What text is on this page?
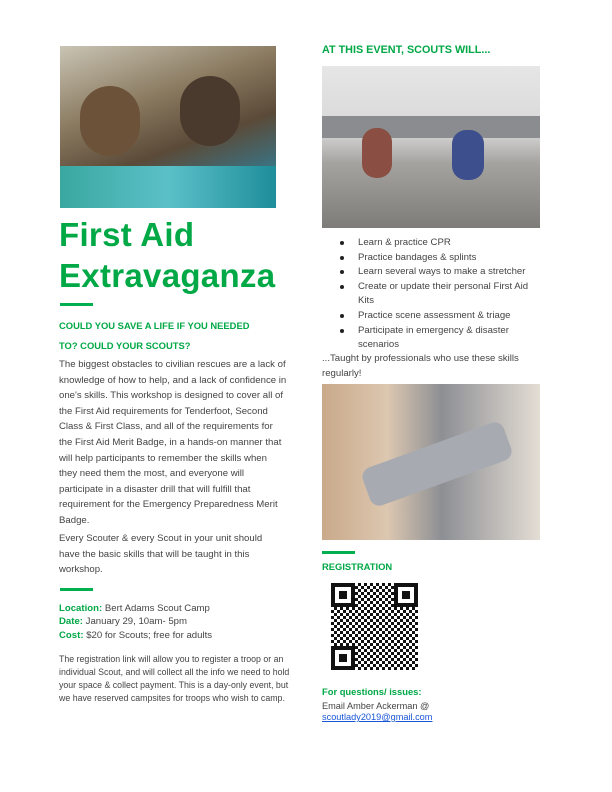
First Aid
Extravaganza
COULD YOU SAVE A LIFE IF YOU NEEDED
TO? COULD YOUR SCOUTS?
The biggest obstacles to civilian rescues are a lack of knowledge of how to help, and a lack of confidence in one's skills. This workshop is designed to cover all of the First Aid requirements for Tenderfoot, Second Class & First Class, and all of the requirements for the First Aid Merit Badge, in a hands-on manner that will help participants to remember the skills when they need them the most, and everyone will participate in a disaster drill that will fulfill that requirement for the Emergency Preparedness Merit Badge.
Every Scouter & every Scout in your unit should have the basic skills that will be taught in this workshop.
Location: Bert Adams Scout Camp
Date: January 29, 10am- 5pm
Cost: $20 for Scouts; free for adults
The registration link will allow you to register a troop or an individual Scout, and will collect all the info we need to hold your space & collect payment. This is a day-only event, but we have reserved campsites for troops who wish to camp.
AT THIS EVENT, SCOUTS WILL...
Learn & practice CPR
Practice bandages & splints
Learn several ways to make a stretcher
Create or update their personal First Aid Kits
Practice scene assessment & triage
Participate in emergency & disaster scenarios
...Taught by professionals who use these skills regularly!
REGISTRATION
For questions/ issues:
Email Amber Ackerman @
scoutlady2019@gmail.com
